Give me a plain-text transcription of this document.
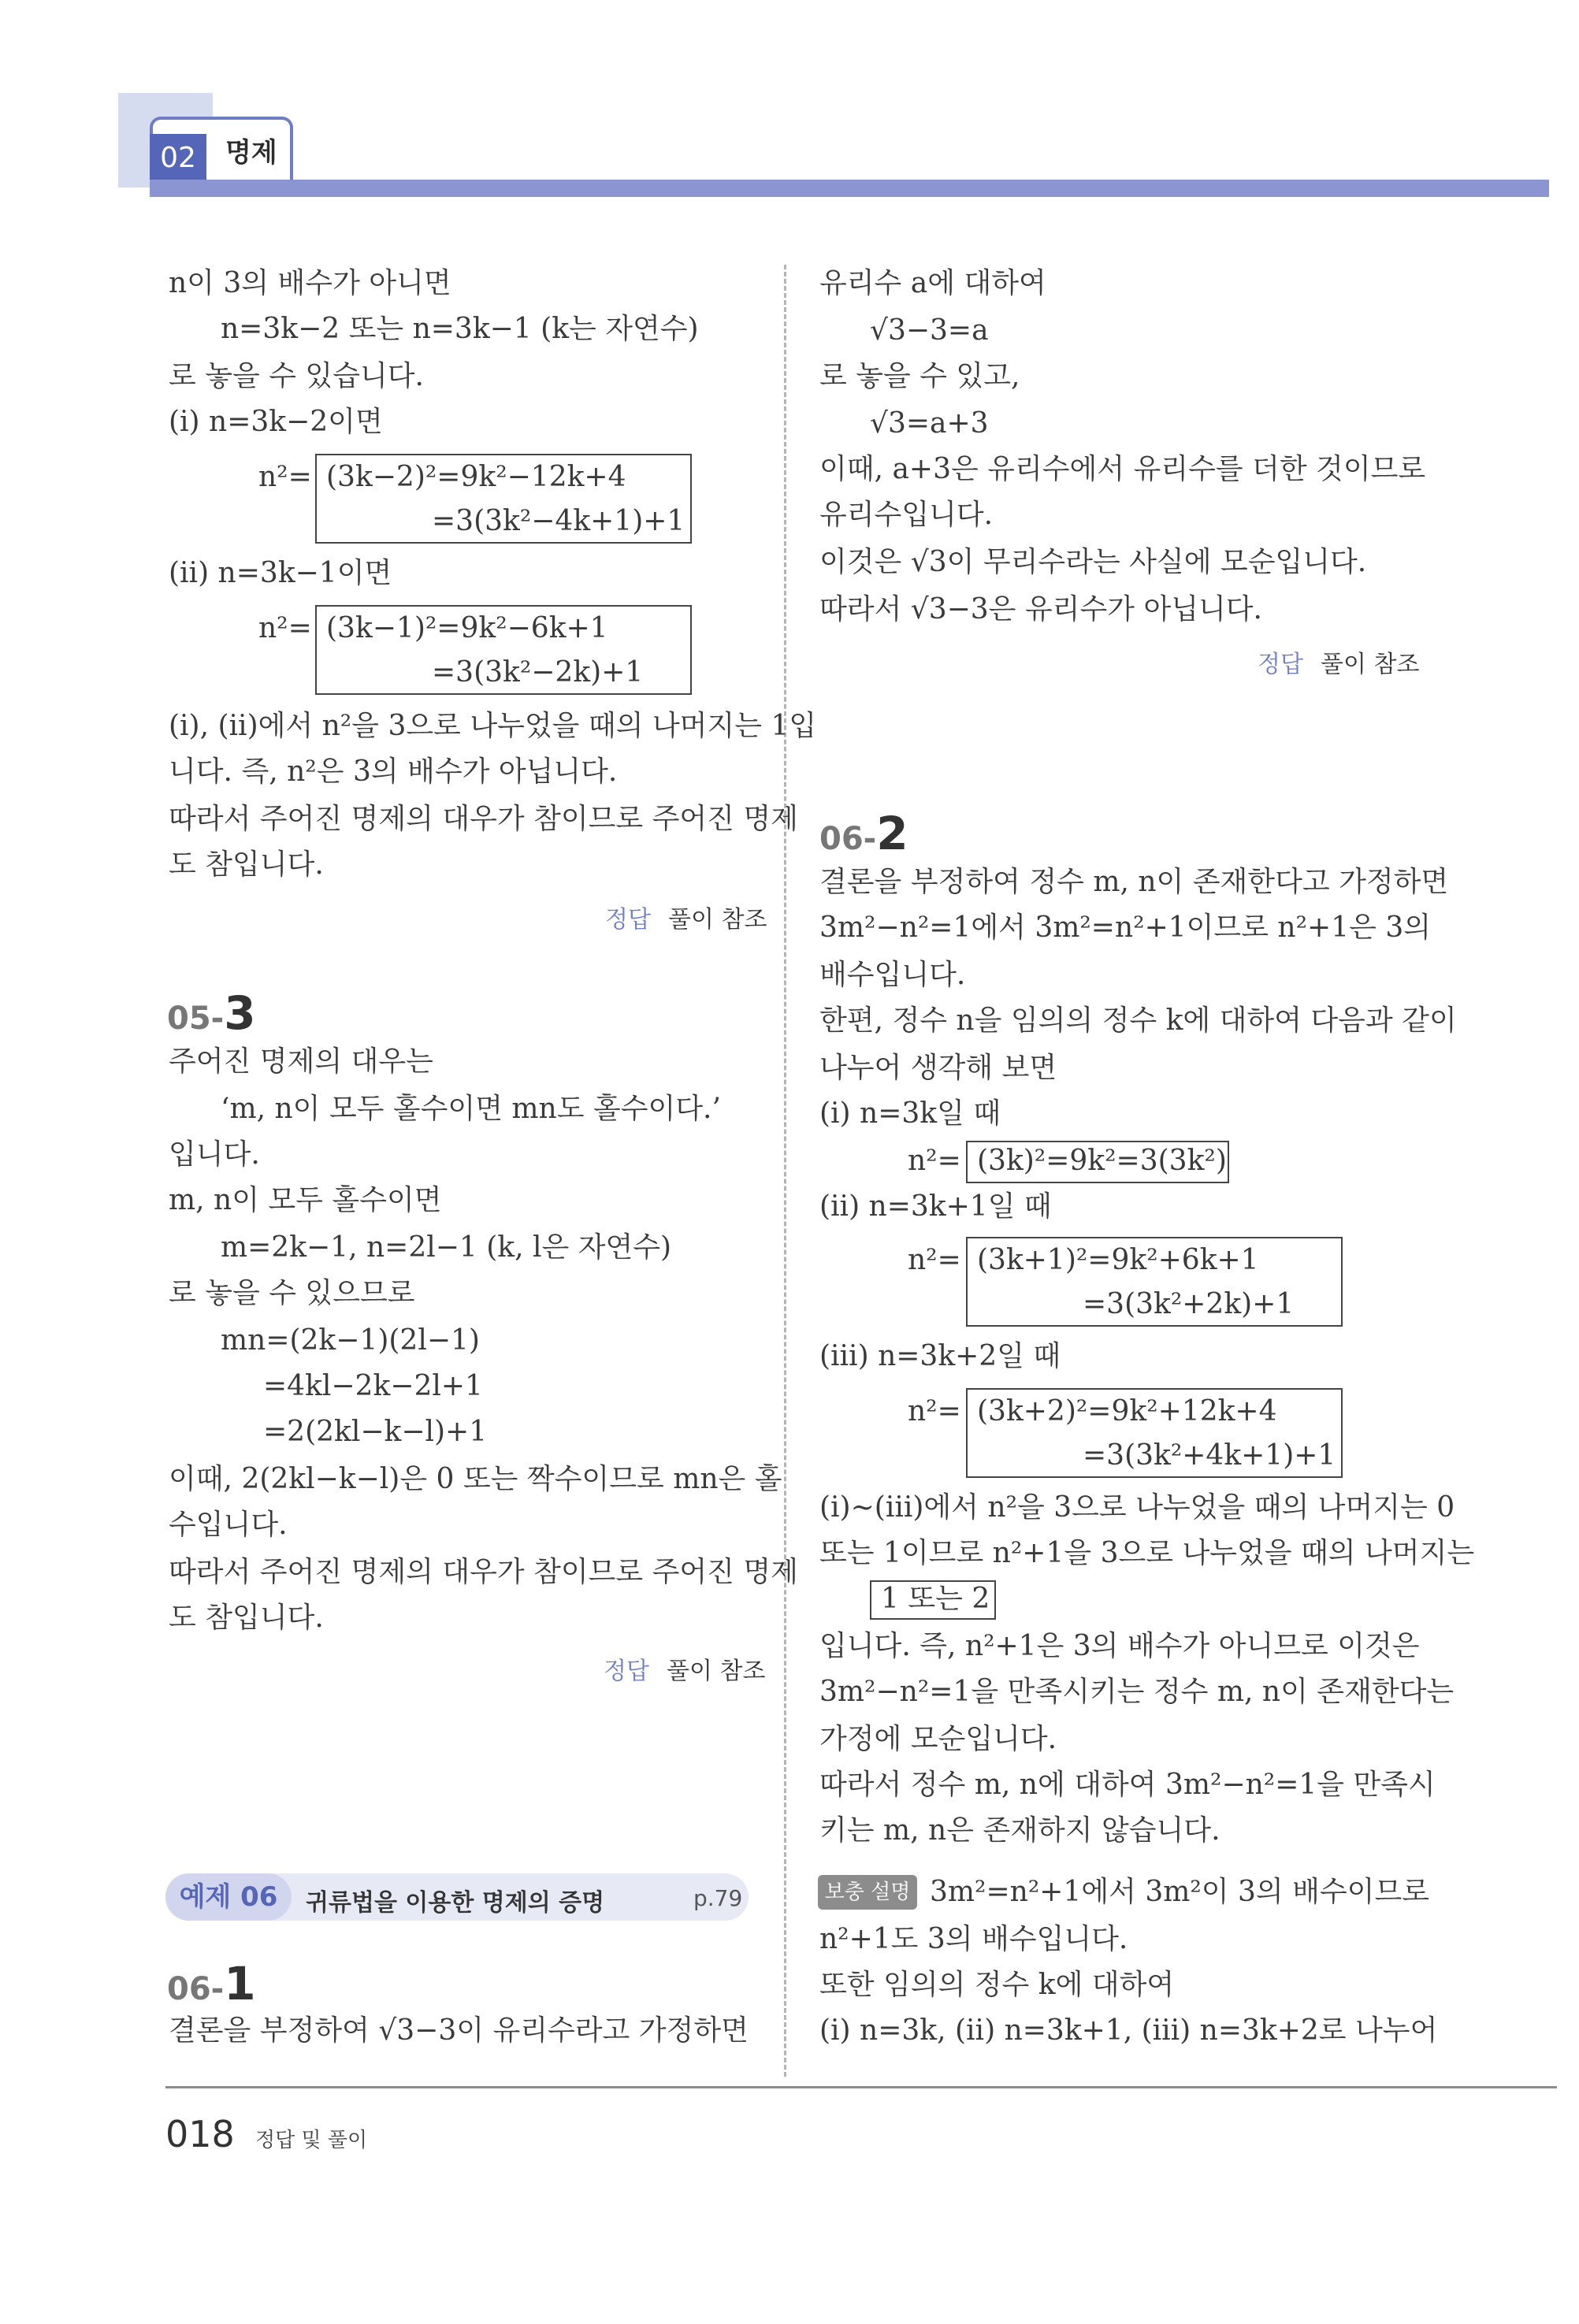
02	명제
n이 3의 배수가 아니면
n=3k−2 또는 n=3k−1 (k는 자연수)
로 놓을 수 있습니다.
(ⅰ) n=3k−2이면
n²= (3k−2)²=9k²−12k+4
=3(3k²−4k+1)+1
(ⅱ) n=3k−1이면
n²= (3k−1)²=9k²−6k+1
=3(3k²−2k)+1
(ⅰ), (ⅱ)에서 n²을 3으로 나누었을 때의 나머지는 1입
니다. 즉, n²은 3의 배수가 아닙니다.
따라서 주어진 명제의 대우가 참이므로 주어진 명제
도 참입니다.
정답 풀이 참조
05-3
주어진 명제의 대우는
‘m, n이 모두 홀수이면 mn도 홀수이다.’
입니다.
m, n이 모두 홀수이면
m=2k−1, n=2l−1 (k, l은 자연수)
로 놓을 수 있으므로
mn=(2k−1)(2l−1)
=4kl−2k−2l+1
=2(2kl−k−l)+1
이때, 2(2kl−k−l)은 0 또는 짝수이므로 mn은 홀
수입니다.
따라서 주어진 명제의 대우가 참이므로 주어진 명제
도 참입니다.
정답 풀이 참조
예제 06	귀류법을 이용한 명제의 증명	p.79
06-1
결론을 부정하여 √3−3이 유리수라고 가정하면
유리수 a에 대하여
√3−3=a
로 놓을 수 있고,
√3=a+3
이때, a+3은 유리수에서 유리수를 더한 것이므로
유리수입니다.
이것은 √3이 무리수라는 사실에 모순입니다.
따라서 √3−3은 유리수가 아닙니다.
정답 풀이 참조
06-2
결론을 부정하여 정수 m, n이 존재한다고 가정하면
3m²−n²=1에서 3m²=n²+1이므로 n²+1은 3의
배수입니다.
한편, 정수 n을 임의의 정수 k에 대하여 다음과 같이
나누어 생각해 보면
(ⅰ) n=3k일 때
n²= (3k)²=9k²=3(3k²)
(ⅱ) n=3k+1일 때
n²= (3k+1)²=9k²+6k+1
=3(3k²+2k)+1
(ⅲ) n=3k+2일 때
n²= (3k+2)²=9k²+12k+4
=3(3k²+4k+1)+1
(ⅰ)~(ⅲ)에서 n²을 3으로 나누었을 때의 나머지는 0
또는 1이므로 n²+1을 3으로 나누었을 때의 나머지는
1 또는 2
입니다. 즉, n²+1은 3의 배수가 아니므로 이것은
3m²−n²=1을 만족시키는 정수 m, n이 존재한다는
가정에 모순입니다.
따라서 정수 m, n에 대하여 3m²−n²=1을 만족시
키는 m, n은 존재하지 않습니다.
보충 설명 3m²=n²+1에서 3m²이 3의 배수이므로
n²+1도 3의 배수입니다.
또한 임의의 정수 k에 대하여
(ⅰ) n=3k, (ⅱ) n=3k+1, (ⅲ) n=3k+2로 나누어
018 정답 및 풀이
